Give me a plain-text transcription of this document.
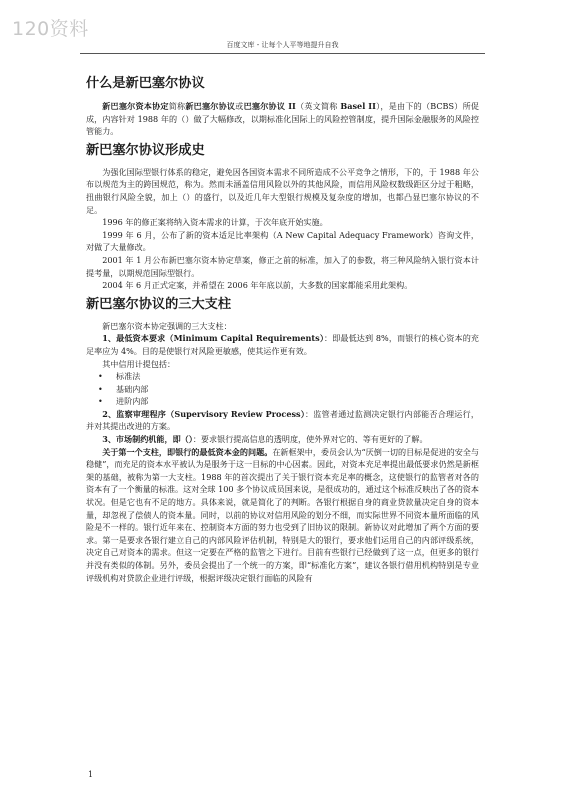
120资料
百度文库 - 让每个人平等地提升自我
什么是新巴塞尔协议

新巴塞尔资本协定简称新巴塞尔协议或巴塞尔协议 II（英文简称 Basel II），是由下的（BCBS）所促成，内容针对 1988 年的（）做了大幅修改，以期标准化国际上的风险控管制度，提升国际金融服务的风险控管能力。

新巴塞尔协议形成史

为强化国际型银行体系的稳定，避免因各国资本需求不同所造成不公平竞争之情形，下的，于 1988 年公布以规范为主的跨国规范，称为。然而未涵盖信用风险以外的其他风险，而信用风险权数级距区分过于粗略，扭曲银行风险全貌，加上（）的盛行，以及近几年大型银行规模及复杂度的增加，也都凸显巴塞尔协议的不足。

1996 年的修正案将纳入资本需求的计算，于次年底开始实施。

1999 年 6 月，公布了新的资本适足比率架构（A New Capital Adequacy Framework）咨询文件，对做了大量修改。

2001 年 1 月公布新巴塞尔资本协定草案，修正之前的标准，加入了的参数，将三种风险纳入银行资本计提考量，以期规范国际型银行。

2004 年 6 月正式定案，并希望在 2006 年年底以前，大多数的国家都能采用此架构。

新巴塞尔协议的三大支柱

新巴塞尔资本协定强调的三大支柱：

1、最低资本要求（Minimum Capital Requirements）：即最低达到 8%，而银行的核心资本的充足率应为 4%。目的是使银行对风险更敏感，使其运作更有效。

其中信用计提包括：

• 标准法
• 基础内部
• 进阶内部

2、监察审理程序（Supervisory Review Process）：监管者通过监测决定银行内部能否合理运行，并对其提出改进的方案。

3、市场制约机能，即（）：要求银行提高信息的透明度，使外界对它的、等有更好的了解。

关于第一个支柱，即银行的最低资本金的问题。在新框架中，委员会认为“厌倒一切的目标是促进的安全与稳健”，而充足的资本水平被认为是服务于这一目标的中心因素。因此，对资本充足率提出最低要求仍然是新框架的基础，被称为第一大支柱。1988 年的首次提出了关于银行资本充足率的概念，这使银行的监管者对各的资本有了一个衡量的标准。这对全球 100 多个协议成员国来说，是很成功的，通过这个标准反映出了各的资本状况。但是它也有不足的地方。具体来说，就是简化了的判断。各银行根据自身的商业贷款量决定自身的资本量，却忽视了偿债人的资本量。同时，以前的协议对信用风险的划分不细，而实际世界不同资本量所面临的风险是不一样的。银行近年来在、控制资本方面的努力也受到了旧协议的限制。新协议对此增加了两个方面的要求。第一是要求各银行建立自己的内部风险评估机制，特别是大的银行，要求他们运用自己的内部评级系统，决定自己对资本的需求。但这一定要在严格的监管之下进行。目前有些银行已经做到了这一点，但更多的银行并没有类似的体制。另外，委员会提出了一个统一的方案，即“标准化方案”，建议各银行借用机构特别是专业评级机构对贷款企业进行评级，根据评级决定银行面临的风险有

1
